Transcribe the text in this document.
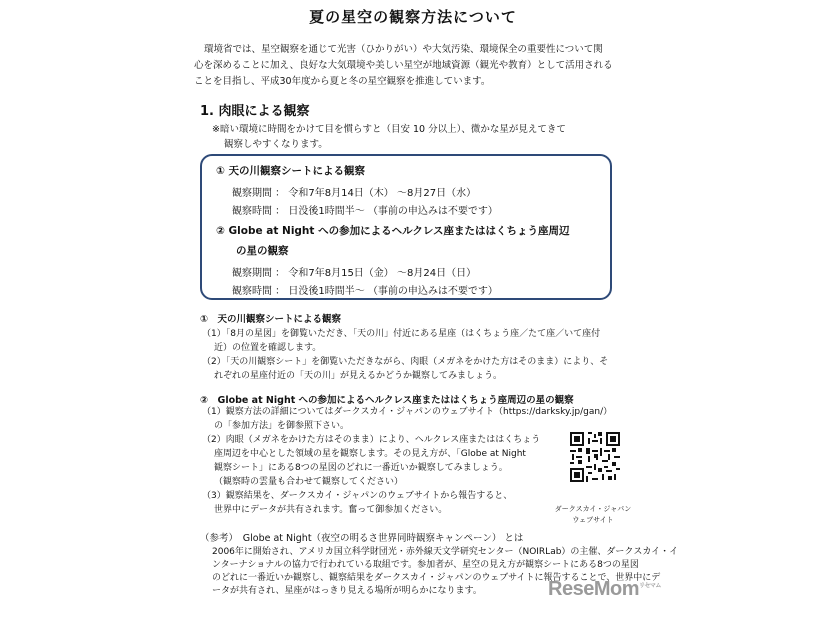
夏の星空の観察方法について
環境省では、星空観察を通じて光害（ひかりがい）や大気汚染、環境保全の重要性について関
心を深めることに加え、良好な大気環境や美しい星空が地域資源（観光や教育）として活用される
ことを目指し、平成30年度から夏と冬の星空観察を推進しています。
1. 肉眼による観察
※暗い環境に時間をかけて目を慣らすと（目安 10 分以上）、微かな星が見えてきて
観察しやすくなります。
① 天の川観察シートによる観察
観察期間 ： 令和7年8月14日（木） ～8月27日（水）
観察時間 ： 日没後1時間半～ （事前の申込みは不要です）
② Globe at Night への参加によるヘルクレス座またははくちょう座周辺
の星の観察
観察期間 ： 令和7年8月15日（金） ～8月24日（日）
観察時間 ： 日没後1時間半～ （事前の申込みは不要です）
①　天の川観察シートによる観察
（1）「8月の星図」を御覧いただき、「天の川」付近にある星座（はくちょう座／たて座／いて座付
近）の位置を確認します。
（2）「天の川観察シート」を御覧いただきながら、肉眼（メガネをかけた方はそのまま）により、そ
れぞれの星座付近の「天の川」が見えるかどうか観察してみましょう。
②　Globe at Night への参加によるヘルクレス座またははくちょう座周辺の星の観察
（1）観察方法の詳細についてはダークスカイ・ジャパンのウェブサイト（https://darksky.jp/gan/）
の「参加方法」を御参照下さい。
（2）肉眼（メガネをかけた方はそのまま）により、ヘルクレス座またははくちょう
座周辺を中心とした領域の星を観察します。その見え方が、「Globe at Night
観察シート」にある8つの星図のどれに一番近いか観察してみましょう。
（観察時の雲量も合わせて観察してください）
（3）観察結果を、ダークスカイ・ジャパンのウェブサイトから報告すると、
世界中にデータが共有されます。奮って御参加ください。	ダークスカイ・ジャパン
ウェブサイト
（参考）　Globe at Night（夜空の明るさ世界同時観察キャンペーン） とは
2006年に開始され、アメリカ国立科学財団光・赤外線天文学研究センター（NOIRLab）の主催、ダークスカイ・イ
ンターナショナルの協力で行われている取組です。参加者が、星空の見え方が観察シートにある8つの星図
のどれに一番近いか観察し、観察結果をダークスカイ・ジャパンのウェブサイトに報告することで、世界中にデ
ータが共有され、星座がはっきり見える場所が明らかになります。	ReseMom$^{リセマム}$
